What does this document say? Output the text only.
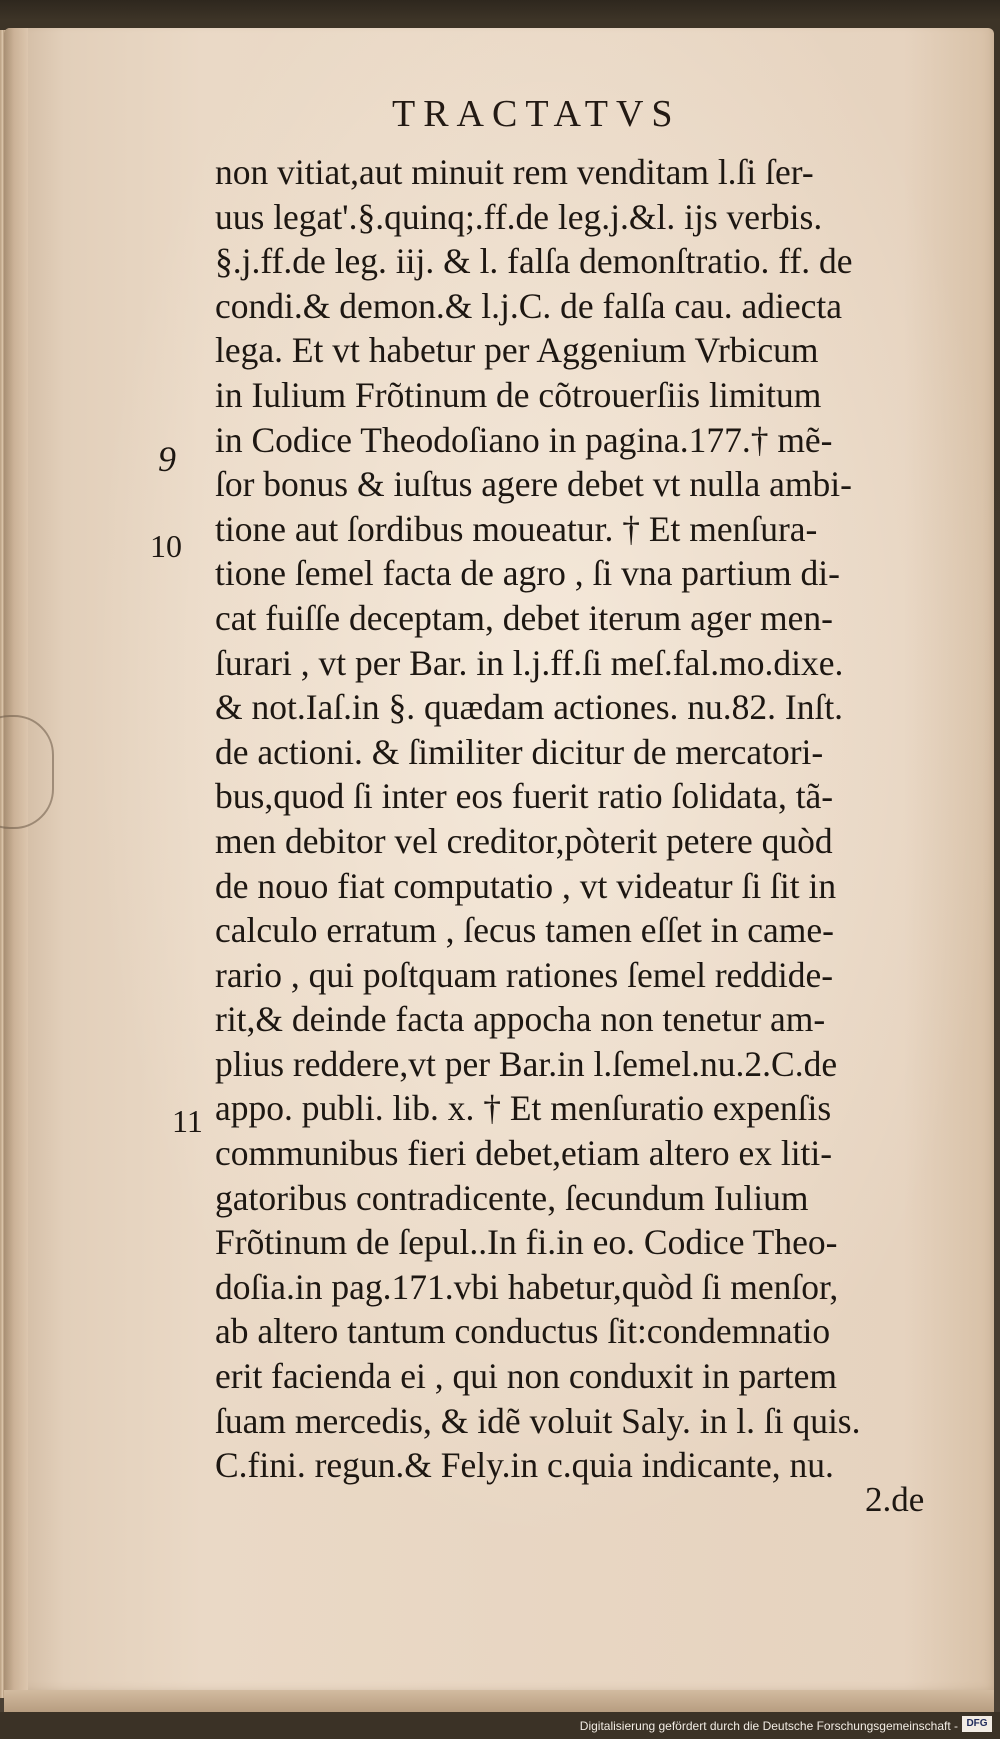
TRACTATVS
9
10
11
non vitiat,aut minuit rem venditam l.ſi ſer-
uus legat'.§.quinq;.ff.de leg.j.&l. ijs verbis.
§.j.ff.de leg. iij. & l. falſa demonſtratio. ff. de
condi.& demon.& l.j.C. de falſa cau. adiecta
lega. Et vt habetur per Aggenium Vrbicum
in Iulium Frõtinum de cõtrouerſiis limitum
in Codice Theodoſiano in pagina.177.† mẽ-
ſor bonus & iuſtus agere debet vt nulla ambi-
tione aut ſordibus moueatur. † Et menſura-
tione ſemel facta de agro , ſi vna partium di-
cat fuiſſe deceptam, debet iterum ager men-
ſurari , vt per Bar. in l.j.ff.ſi meſ.fal.mo.dixe.
& not.Iaſ.in §. quædam actiones. nu.82. Inſt.
de actioni. & ſimiliter dicitur de mercatori-
bus,quod ſi inter eos fuerit ratio ſolidata, tã-
men debitor vel creditor,pòterit petere quòd
de nouo fiat computatio , vt videatur ſi ſit in
calculo erratum , ſecus tamen eſſet in came-
rario , qui poſtquam rationes ſemel reddide-
rit,& deinde facta appocha non tenetur am-
plius reddere,vt per Bar.in l.ſemel.nu.2.C.de
appo. publi. lib. x. † Et menſuratio expenſis
communibus fieri debet,etiam altero ex liti-
gatoribus contradicente, ſecundum Iulium
Frõtinum de ſepul..In fi.in eo. Codice Theo-
doſia.in pag.171.vbi habetur,quòd ſi menſor,
ab altero tantum conductus ſit:condemnatio
erit facienda ei , qui non conduxit in partem
ſuam mercedis, & idẽ voluit Saly. in l. ſi quis.
C.fini. regun.& Fely.in c.quia indicante, nu.
2.de
Digitalisierung gefördert durch die Deutsche Forschungsgemeinschaft - DFG
